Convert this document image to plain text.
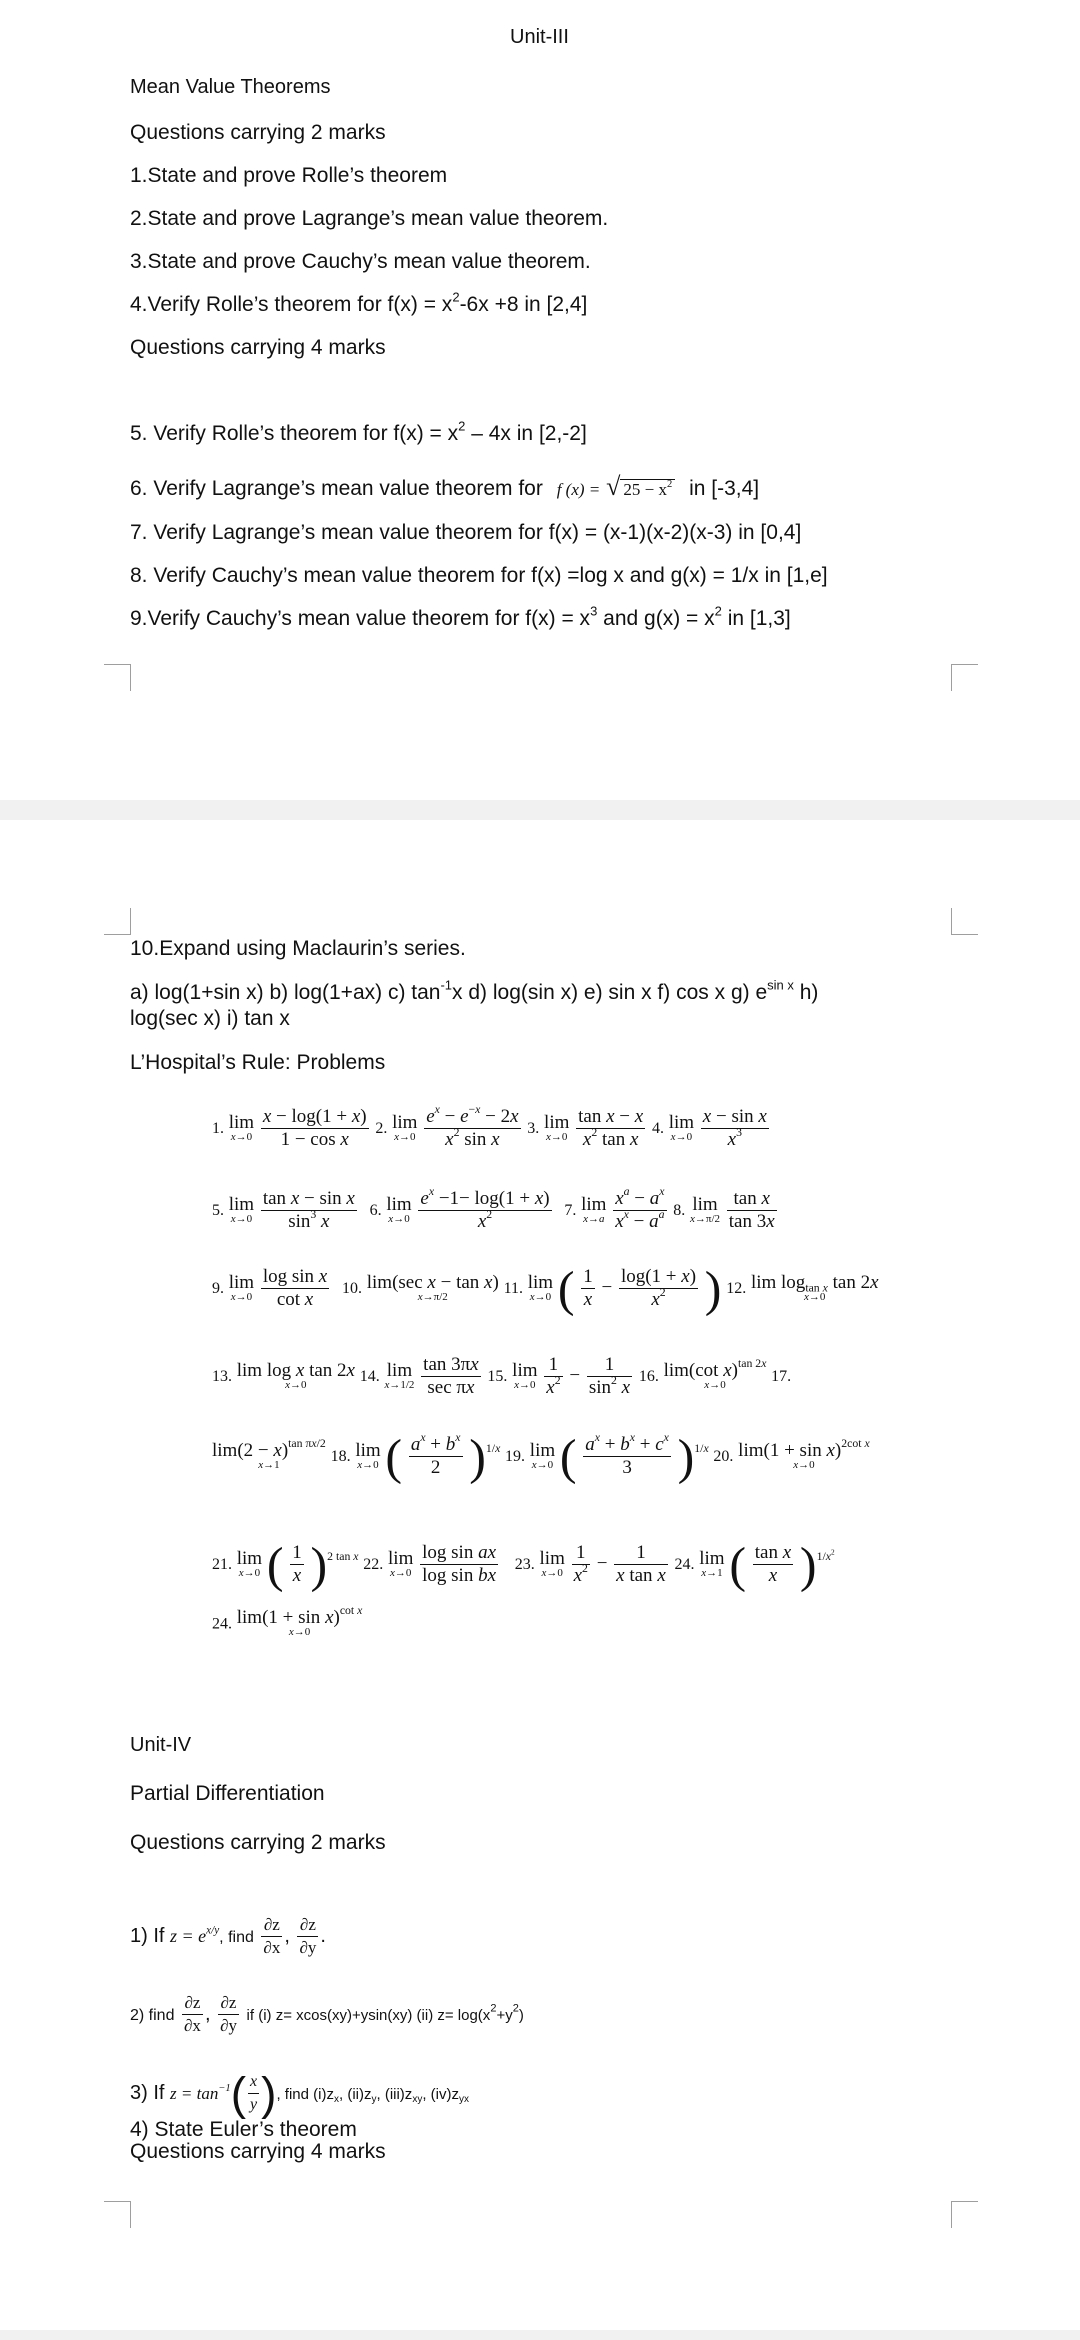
Unit-III
Mean Value Theorems
Questions carrying 2 marks
1.State and prove Rolle’s theorem
2.State and prove Lagrange’s mean value theorem.
3.State and prove Cauchy’s mean value theorem.
4.Verify Rolle’s theorem for $f(x) = x^2-6x +8$ in [2,4]
Questions carrying 4 marks
5. Verify Rolle’s theorem for $f(x) = x^2 - 4x$ in [2,-2]
6. Verify Lagrange’s mean value theorem for f (x) = √ $25 - x^2$ in [-3,4]
7. Verify Lagrange’s mean value theorem for f(x) = (x-1)(x-2)(x-3) in [0,4]
8. Verify Cauchy’s mean value theorem for f(x) =log x and g(x) = 1/x in [1,e]
9.Verify Cauchy’s mean value theorem for $f(x) = x^3$ and $g(x) = x^2$ in [1,3]
10.Expand using Maclaurin’s series.
a) log(1+sin x) b) log(1+ax) c) $\tan^{-1}x$ d) log(sin x) e) sin x f) cos x g) $e^{sin x}$ h)
log(sec x) i) tan x
L’Hospital’s Rule: Problems
1. lim
x→0
$\frac{x - \log(1 + x)}{\text{1 − cos x}} 2$. lim
x→0
$\frac{e^x - e^{-x} - 2x}{x^2 \sin x} 3$. lim
x→0
$\frac{\text{tan x − x}}{x^2 \tan x} 4$. lim
x→0
$\frac{\text{x − sin x}}{x^3}$
5. lim
x→0
$\frac{\text{tan x − sin x}}{\sin^3 x} 6$. lim
x→0
$\frac{e^x -1- \log(1 + x)}{x^2} 7$. lim
x→a
$\frac{x^a - a^x}{x^x - a^a} 8$. lim
x→π/2
$\frac{\text{tan x}}{\tan 3x}$
9. lim
x→0
$\frac{\text{log sin x}}{\text{cot x}} 10$. lim(sec x − tan x)
x→π/2	11. lim
x→0 ( $\frac{1}{x} - \frac{\log(1 + x)}{x^2}$ ) 12. $\lim \log_{tan x} \tan 2x$
x→0
13. lim log x tan 2x
x→0	14. lim
x→1/2
$\frac{\tan 3\pi x}{\text{sec πx}} 15$. lim
x→0
$\frac{1}{x^2} - \frac{1}{\sin^2 x} 16$. lim(cot x)$^{tan 2x}$
x→0	17.
$\lim(2 - x)^{tan \pi x/2}$
x→1	18. lim
x→0 ( $\frac{a^x + b^x}{2} )^{1/x}$ 19. lim
x→0 ( $\frac{a^x + b^x + c^x}{3} )^{1/x}$ 20. $\lim(1 + \sin x)^{2cot x}$
x→0
21. lim
x→0 ( $\frac{1}{x} )^{2 tan x}$ 22. lim
x→0
$\frac{\text{log sin ax}}{\text{log sin bx}} 23$. lim
x→0
$\frac{1}{x^2} - \frac{1}{\text{x tan x}} 24$. lim
x→1 ( $\frac{\text{tan x}}{x} )^{1/x^2}$
24. $\lim(1 + \sin x)^{cot x}$
x→0
Unit-IV
Partial Differentiation
Questions carrying 2 marks
1) If $z = e^{x/y}$, find $\frac{\partial z}{\partial x}$ , $\frac{\partial z}{\partial y}$ .
2) find $\frac{\partial z}{\partial x}$ , $\frac{\partial z}{\partial y}$ if (i) z= xcos(xy)+ysin(xy) (ii) $z= \log(x^2+y^2)$
3) If $z = \tan^{-1}( \frac{x}{y}$ ), find $(i)z_x$, $(ii)z_y$, $(iii)z_{xy}$, $(iv)z_{yx}$
4) State Euler’s theorem
Questions carrying 4 marks
